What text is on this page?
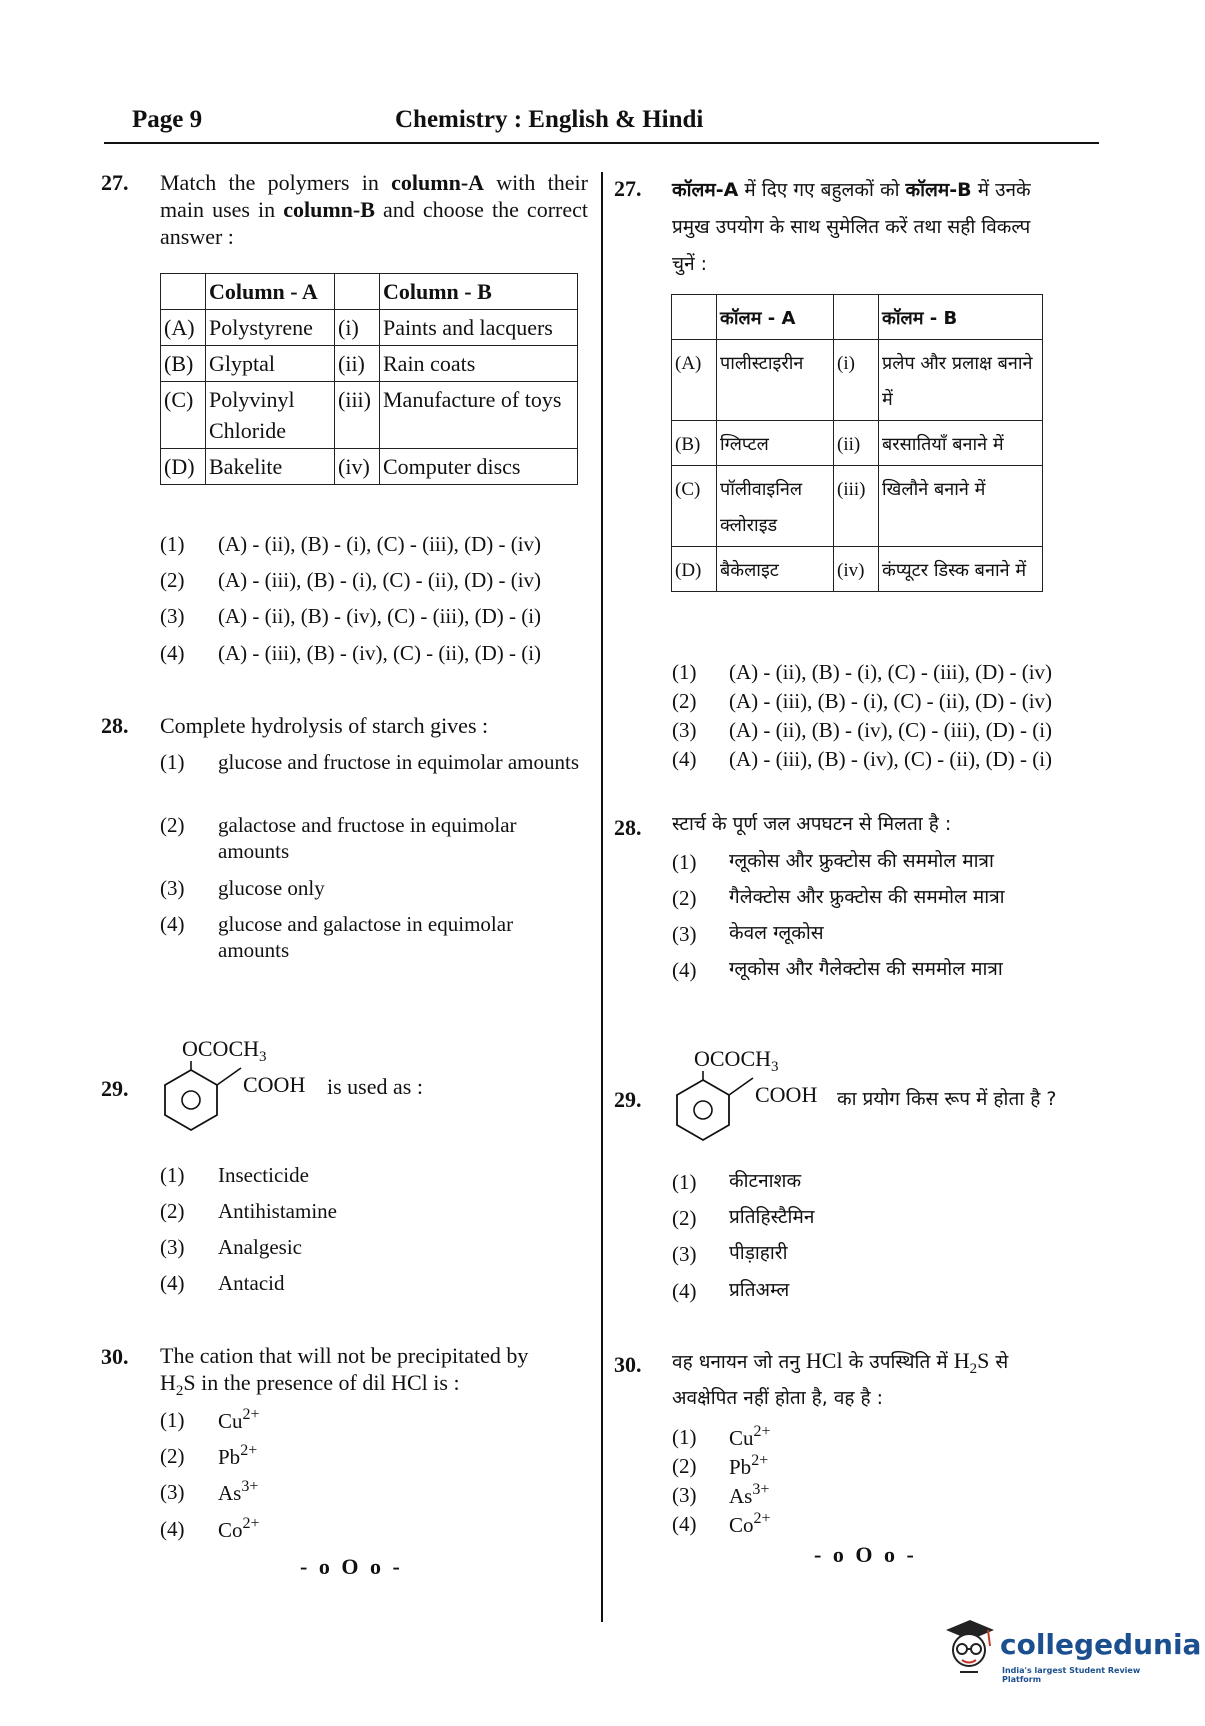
Page 9	Chemistry : English & Hindi
27. Match the polymers in column-A with their main uses in column-B and choose the correct answer :
	Column - A		Column - B
(A)	Polystyrene	(i)	Paints and lacquers
(B)	Glyptal	(ii)	Rain coats
(C)	Polyvinyl Chloride	(iii)	Manufacture of toys
(D)	Bakelite	(iv)	Computer discs
(1) (A) - (ii), (B) - (i), (C) - (iii), (D) - (iv)
(2) (A) - (iii), (B) - (i), (C) - (ii), (D) - (iv)
(3) (A) - (ii), (B) - (iv), (C) - (iii), (D) - (i)
(4) (A) - (iii), (B) - (iv), (C) - (ii), (D) - (i)
28. Complete hydrolysis of starch gives :
(1) glucose and fructose in equimolar amounts
(2) galactose and fructose in equimolar amounts
(3) glucose only
(4) glucose and galactose in equimolar amounts
29.
$OCOCH_3$
COOH is used as :
(1) Insecticide
(2) Antihistamine
(3) Analgesic
(4) Antacid
30. The cation that will not be precipitated by
$H_2S$ in the presence of dil HCl is :
(1) $Cu^{2+}$
(2) $Pb^{2+}$
(3) $As^{3+}$
(4) $Co^{2+}$
- o O o -
27. कॉलम-A में दिए गए बहुलकों को कॉलम-B में उनके
प्रमुख उपयोग के साथ सुमेलित करें तथा सही विकल्प
चुनें :
	कॉलम - A		कॉलम - B
(A)	पालीस्टाइरीन	(i)	प्रलेप और प्रलाक्ष बनाने में
(B)	ग्लिप्टल	(ii)	बरसातियाँ बनाने में
(C)	पॉलीवाइनिल क्लोराइड	(iii)	खिलौने बनाने में
(D)	बैकेलाइट	(iv)	कंप्यूटर डिस्क बनाने में
(1) (A) - (ii), (B) - (i), (C) - (iii), (D) - (iv)
(2) (A) - (iii), (B) - (i), (C) - (ii), (D) - (iv)
(3) (A) - (ii), (B) - (iv), (C) - (iii), (D) - (i)
(4) (A) - (iii), (B) - (iv), (C) - (ii), (D) - (i)
28. स्टार्च के पूर्ण जल अपघटन से मिलता है :
(1) ग्लूकोस और फ्रुक्टोस की सममोल मात्रा
(2) गैलेक्टोस और फ्रुक्टोस की सममोल मात्रा
(3) केवल ग्लूकोस
(4) ग्लूकोस और गैलेक्टोस की सममोल मात्रा
29.
$OCOCH_3$
COOH का प्रयोग किस रूप में होता है ?
(1) कीटनाशक
(2) प्रतिहिस्टैमिन
(3) पीड़ाहारी
(4) प्रतिअम्ल
30. वह धनायन जो तनु HCl के उपस्थिति में $H_2S$ से
अवक्षेपित नहीं होता है, वह है :
(1) $Cu^{2+}$
(2) $Pb^{2+}$
(3) $As^{3+}$
(4) $Co^{2+}$
- o O o -
collegedunia
India's largest Student Review Platform
